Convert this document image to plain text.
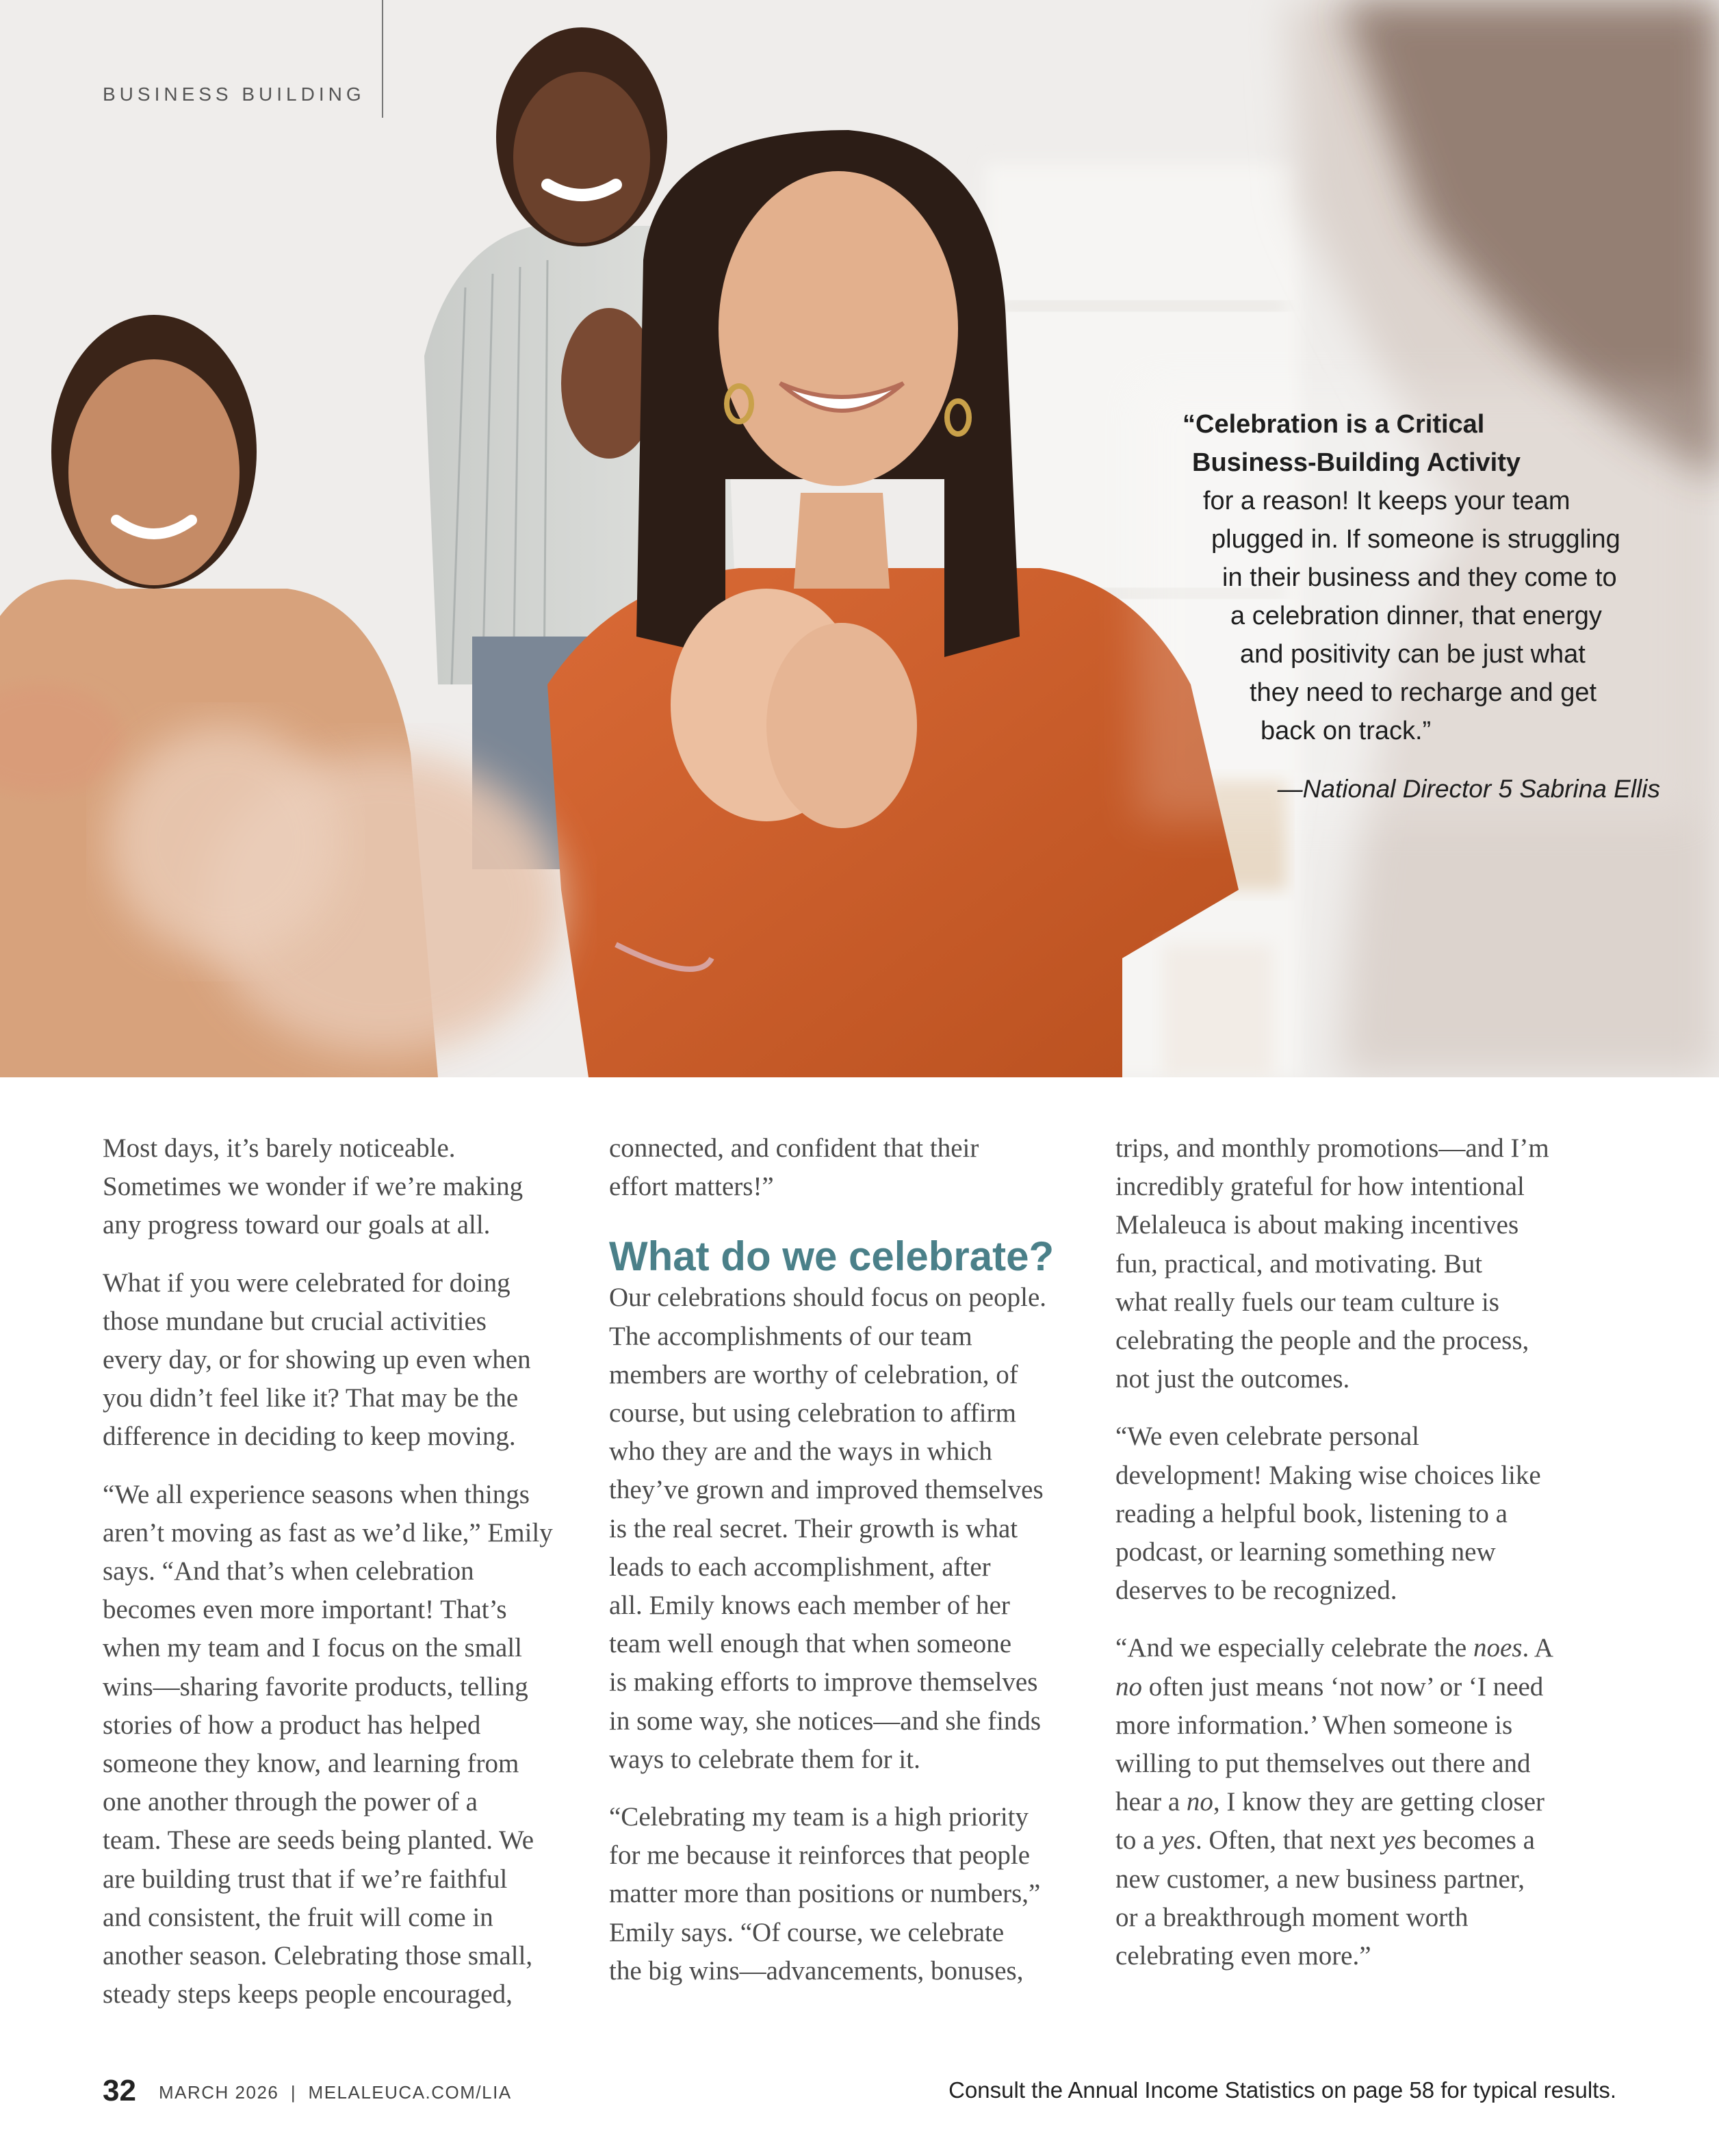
BUSINESS BUILDING
“Celebration is a Critical
Business-Building Activity
for a reason! It keeps your team
plugged in. If someone is struggling
in their business and they come to
a celebration dinner, that energy
and positivity can be just what
they need to recharge and get
back on track.”
—National Director 5 Sabrina Ellis

Most days, it’s barely noticeable.
Sometimes we wonder if we’re making
any progress toward our goals at all.

What if you were celebrated for doing
those mundane but crucial activities
every day, or for showing up even when
you didn’t feel like it? That may be the
difference in deciding to keep moving.

“We all experience seasons when things
aren’t moving as fast as we’d like,” Emily
says. “And that’s when celebration
becomes even more important! That’s
when my team and I focus on the small
wins—sharing favorite products, telling
stories of how a product has helped
someone they know, and learning from
one another through the power of a
team. These are seeds being planted. We
are building trust that if we’re faithful
and consistent, the fruit will come in
another season. Celebrating those small,
steady steps keeps people encouraged,

connected, and confident that their
effort matters!”

What do we celebrate?

Our celebrations should focus on people.
The accomplishments of our team
members are worthy of celebration, of
course, but using celebration to affirm
who they are and the ways in which
they’ve grown and improved themselves
is the real secret. Their growth is what
leads to each accomplishment, after
all. Emily knows each member of her
team well enough that when someone
is making efforts to improve themselves
in some way, she notices—and she finds
ways to celebrate them for it.

“Celebrating my team is a high priority
for me because it reinforces that people
matter more than positions or numbers,”
Emily says. “Of course, we celebrate
the big wins—advancements, bonuses,

trips, and monthly promotions—and I’m
incredibly grateful for how intentional
Melaleuca is about making incentives
fun, practical, and motivating. But
what really fuels our team culture is
celebrating the people and the process,
not just the outcomes.

“We even celebrate personal
development! Making wise choices like
reading a helpful book, listening to a
podcast, or learning something new
deserves to be recognized.

“And we especially celebrate the noes. A
no often just means ‘not now’ or ‘I need
more information.’ When someone is
willing to put themselves out there and
hear a no, I know they are getting closer
to a yes. Often, that next yes becomes a
new customer, a new business partner,
or a breakthrough moment worth
celebrating even more.”

32 MARCH 2026  |  MELALEUCA.COM/LIA	Consult the Annual Income Statistics on page 58 for typical results.
